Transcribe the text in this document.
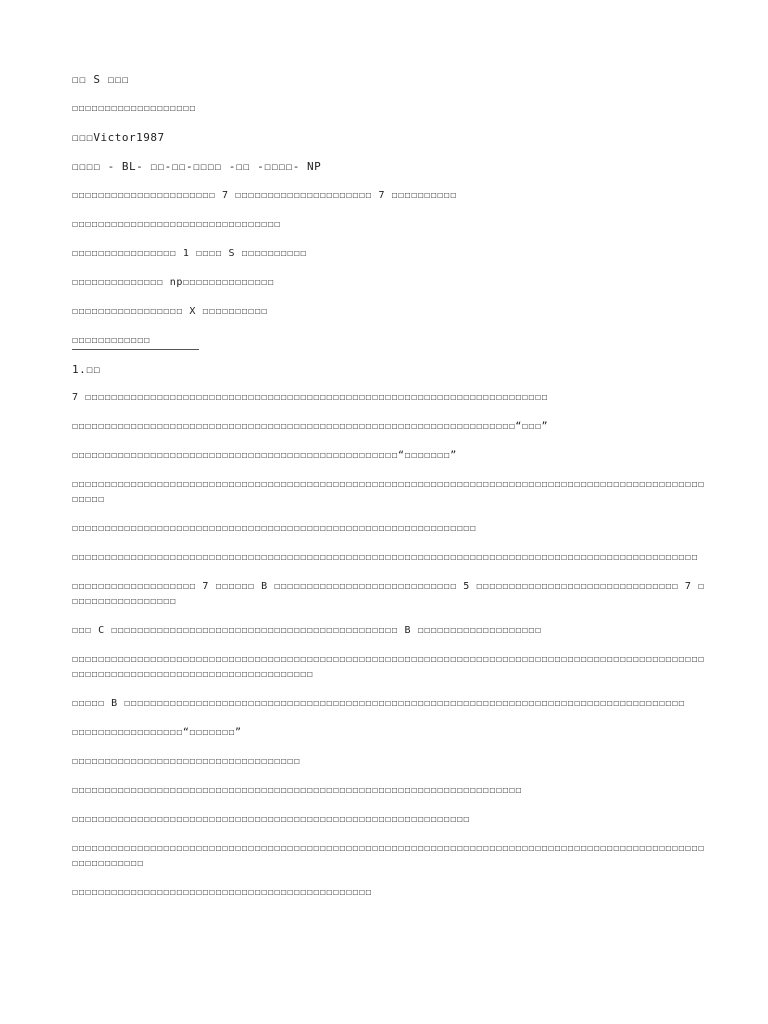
☐☐ S ☐☐☐

☐☐☐☐☐☐☐☐☐☐☐☐☐☐☐☐☐☐☐

☐☐☐Victor1987

☐☐☐☐ - BL- ☐☐-☐☐-☐☐☐☐ -☐☐ -☐☐☐☐- NP

☐☐☐☐☐☐☐☐☐☐☐☐☐☐☐☐☐☐☐☐☐☐ 7 ☐☐☐☐☐☐☐☐☐☐☐☐☐☐☐☐☐☐☐☐☐ 7 ☐☐☐☐☐☐☐☐☐☐

☐☐☐☐☐☐☐☐☐☐☐☐☐☐☐☐☐☐☐☐☐☐☐☐☐☐☐☐☐☐☐☐

☐☐☐☐☐☐☐☐☐☐☐☐☐☐☐☐ 1 ☐☐☐☐ S ☐☐☐☐☐☐☐☐☐☐

☐☐☐☐☐☐☐☐☐☐☐☐☐☐ np☐☐☐☐☐☐☐☐☐☐☐☐☐☐

☐☐☐☐☐☐☐☐☐☐☐☐☐☐☐☐☐ X ☐☐☐☐☐☐☐☐☐☐

☐☐☐☐☐☐☐☐☐☐☐☐

1.☐☐

7 ☐☐☐☐☐☐☐☐☐☐☐☐☐☐☐☐☐☐☐☐☐☐☐☐☐☐☐☐☐☐☐☐☐☐☐☐☐☐☐☐☐☐☐☐☐☐☐☐☐☐☐☐☐☐☐☐☐☐☐☐☐☐☐☐☐☐☐☐☐☐☐

☐☐☐☐☐☐☐☐☐☐☐☐☐☐☐☐☐☐☐☐☐☐☐☐☐☐☐☐☐☐☐☐☐☐☐☐☐☐☐☐☐☐☐☐☐☐☐☐☐☐☐☐☐☐☐☐☐☐☐☐☐☐☐☐☐☐☐☐“☐☐☐”

☐☐☐☐☐☐☐☐☐☐☐☐☐☐☐☐☐☐☐☐☐☐☐☐☐☐☐☐☐☐☐☐☐☐☐☐☐☐☐☐☐☐☐☐☐☐☐☐☐☐“☐☐☐☐☐☐☐”

☐☐☐☐☐☐☐☐☐☐☐☐☐☐☐☐☐☐☐☐☐☐☐☐☐☐☐☐☐☐☐☐☐☐☐☐☐☐☐☐☐☐☐☐☐☐☐☐☐☐☐☐☐☐☐☐☐☐☐☐☐☐☐☐☐☐☐☐☐☐☐☐☐☐☐☐☐☐☐☐☐☐☐☐☐☐☐☐☐☐☐☐☐☐☐☐☐☐☐☐☐☐

☐☐☐☐☐☐☐☐☐☐☐☐☐☐☐☐☐☐☐☐☐☐☐☐☐☐☐☐☐☐☐☐☐☐☐☐☐☐☐☐☐☐☐☐☐☐☐☐☐☐☐☐☐☐☐☐☐☐☐☐☐☐

☐☐☐☐☐☐☐☐☐☐☐☐☐☐☐☐☐☐☐☐☐☐☐☐☐☐☐☐☐☐☐☐☐☐☐☐☐☐☐☐☐☐☐☐☐☐☐☐☐☐☐☐☐☐☐☐☐☐☐☐☐☐☐☐☐☐☐☐☐☐☐☐☐☐☐☐☐☐☐☐☐☐☐☐☐☐☐☐☐☐☐☐☐☐☐☐

☐☐☐☐☐☐☐☐☐☐☐☐☐☐☐☐☐☐☐ 7 ☐☐☐☐☐☐ B ☐☐☐☐☐☐☐☐☐☐☐☐☐☐☐☐☐☐☐☐☐☐☐☐☐☐☐☐ 5 ☐☐☐☐☐☐☐☐☐☐☐☐☐☐☐☐☐☐☐☐☐☐☐☐☐☐☐☐☐☐☐ 7 ☐☐☐☐☐☐☐☐☐☐☐☐☐☐☐☐☐

☐☐☐ C ☐☐☐☐☐☐☐☐☐☐☐☐☐☐☐☐☐☐☐☐☐☐☐☐☐☐☐☐☐☐☐☐☐☐☐☐☐☐☐☐☐☐☐☐ B ☐☐☐☐☐☐☐☐☐☐☐☐☐☐☐☐☐☐☐

☐☐☐☐☐☐☐☐☐☐☐☐☐☐☐☐☐☐☐☐☐☐☐☐☐☐☐☐☐☐☐☐☐☐☐☐☐☐☐☐☐☐☐☐☐☐☐☐☐☐☐☐☐☐☐☐☐☐☐☐☐☐☐☐☐☐☐☐☐☐☐☐☐☐☐☐☐☐☐☐☐☐☐☐☐☐☐☐☐☐☐☐☐☐☐☐☐☐☐☐☐☐☐☐☐☐☐☐☐☐☐☐☐☐☐☐☐☐☐☐☐☐☐☐☐☐☐☐☐☐☐☐☐☐

☐☐☐☐☐ B ☐☐☐☐☐☐☐☐☐☐☐☐☐☐☐☐☐☐☐☐☐☐☐☐☐☐☐☐☐☐☐☐☐☐☐☐☐☐☐☐☐☐☐☐☐☐☐☐☐☐☐☐☐☐☐☐☐☐☐☐☐☐☐☐☐☐☐☐☐☐☐☐☐☐☐☐☐☐☐☐☐☐☐☐☐☐

☐☐☐☐☐☐☐☐☐☐☐☐☐☐☐☐☐“☐☐☐☐☐☐☐”

☐☐☐☐☐☐☐☐☐☐☐☐☐☐☐☐☐☐☐☐☐☐☐☐☐☐☐☐☐☐☐☐☐☐☐

☐☐☐☐☐☐☐☐☐☐☐☐☐☐☐☐☐☐☐☐☐☐☐☐☐☐☐☐☐☐☐☐☐☐☐☐☐☐☐☐☐☐☐☐☐☐☐☐☐☐☐☐☐☐☐☐☐☐☐☐☐☐☐☐☐☐☐☐☐

☐☐☐☐☐☐☐☐☐☐☐☐☐☐☐☐☐☐☐☐☐☐☐☐☐☐☐☐☐☐☐☐☐☐☐☐☐☐☐☐☐☐☐☐☐☐☐☐☐☐☐☐☐☐☐☐☐☐☐☐☐

☐☐☐☐☐☐☐☐☐☐☐☐☐☐☐☐☐☐☐☐☐☐☐☐☐☐☐☐☐☐☐☐☐☐☐☐☐☐☐☐☐☐☐☐☐☐☐☐☐☐☐☐☐☐☐☐☐☐☐☐☐☐☐☐☐☐☐☐☐☐☐☐☐☐☐☐☐☐☐☐☐☐☐☐☐☐☐☐☐☐☐☐☐☐☐☐☐☐☐☐☐☐☐☐☐☐☐☐

☐☐☐☐☐☐☐☐☐☐☐☐☐☐☐☐☐☐☐☐☐☐☐☐☐☐☐☐☐☐☐☐☐☐☐☐☐☐☐☐☐☐☐☐☐☐
